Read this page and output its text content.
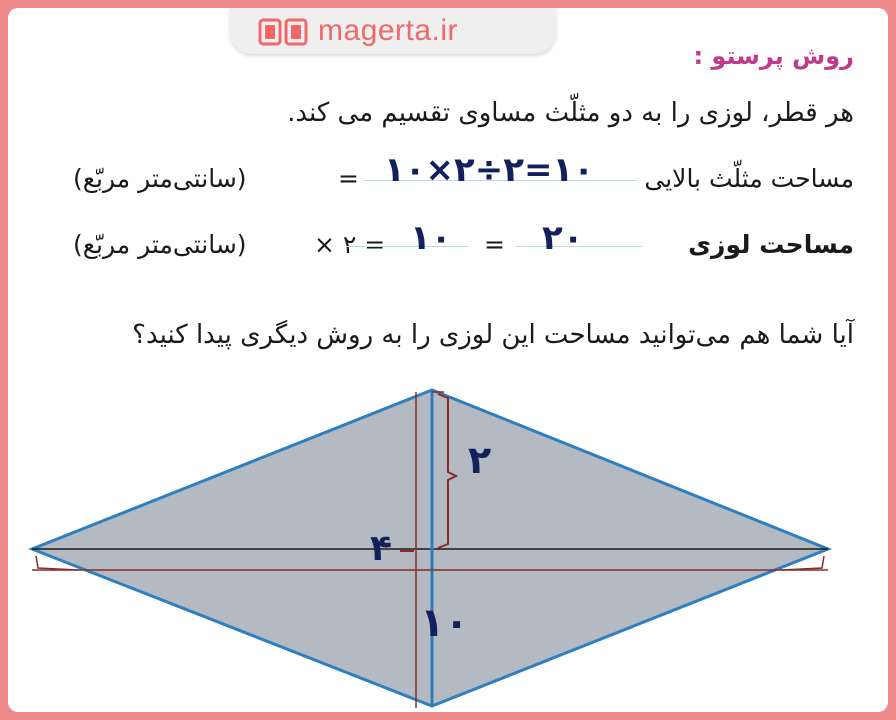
magerta.ir
روش پرستو :
هر قطر، لوزی را به دو مثلّث مساوی تقسیم می کند.
مساحت مثلّث بالایی
= ۱۰×۲÷۲=۱۰
(سانتی‌متر مربّع)
مساحت لوزی
= ۲ × ۱۰ = ۲۰
(سانتی‌متر مربّع)
آیا شما هم می‌توانید مساحت این لوزی را به روش دیگری پیدا کنید؟
۲
۴
۱۰
